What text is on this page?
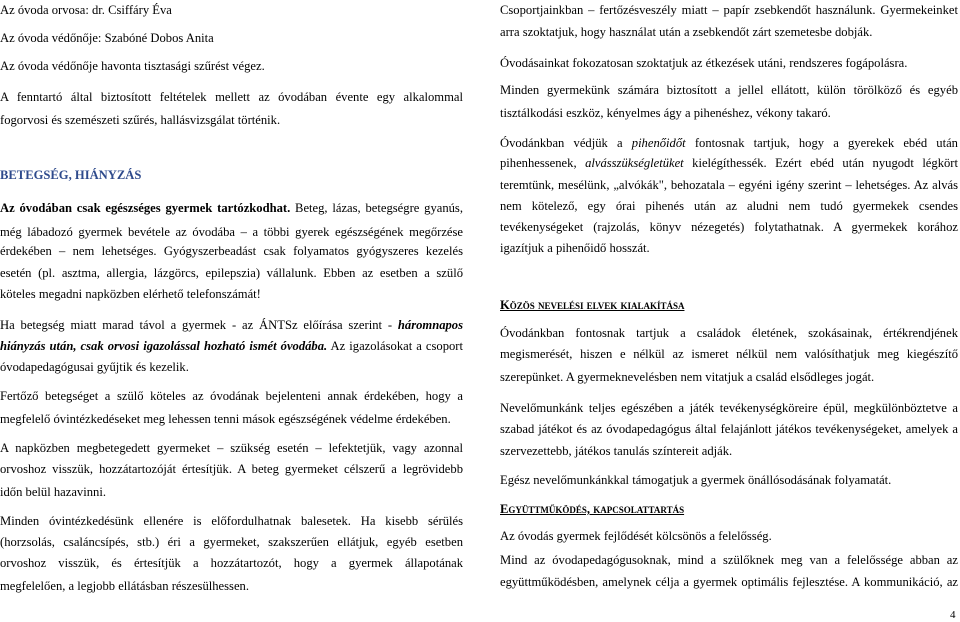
Az óvoda orvosa: dr. Csiffáry Éva
Az óvoda védőnője: Szabóné Dobos Anita
Az óvoda védőnője havonta tisztasági szűrést végez.
A fenntartó által biztosított feltételek mellett az óvodában évente egy alkalommal
fogorvosi és szemészeti szűrés, hallásvizsgálat történik.
BETEGSÉG, HIÁNYZÁS
Az óvodában csak egészséges gyermek tartózkodhat. Beteg, lázas, betegségre gyanús,
még lábadozó gyermek bevétele az óvodába – a többi gyerek egészségének megőrzése
érdekében – nem lehetséges. Gyógyszerbeadást csak folyamatos gyógyszeres kezelés
esetén (pl. asztma, allergia, lázgörcs, epilepszia) vállalunk. Ebben az esetben a szülő
köteles megadni napközben elérhető telefonszámát!
Ha betegség miatt marad távol a gyermek - az ÁNTSz előírása szerint - háromnapos
hiányzás után, csak orvosi igazolással hozható ismét óvodába. Az igazolásokat a csoport
óvodapedagógusai gyűjtik és kezelik.
Fertőző betegséget a szülő köteles az óvodának bejelenteni annak érdekében, hogy a
megfelelő óvintézkedéseket meg lehessen tenni mások egészségének védelme érdekében.
A napközben megbetegedett gyermeket – szükség esetén – lefektetjük, vagy azonnal
orvoshoz visszük, hozzátartozóját értesítjük. A beteg gyermeket célszerű a legrövidebb
időn belül hazavinni.
Minden óvintézkedésünk ellenére is előfordulhatnak balesetek. Ha kisebb sérülés
(horzsolás, csaláncsípés, stb.) éri a gyermeket, szakszerűen ellátjuk, egyéb esetben
orvoshoz visszük, és értesítjük a hozzátartozót, hogy a gyermek állapotának
megfelelően, a legjobb ellátásban részesülhessen.
Csoportjainkban – fertőzésveszély miatt – papír zsebkendőt használunk. Gyermekeinket
arra szoktatjuk, hogy használat után a zsebkendőt zárt szemetesbe dobják.
Óvodásainkat fokozatosan szoktatjuk az étkezések utáni, rendszeres fogápolásra.
Minden gyermekünk számára biztosított a jellel ellátott, külön törölköző és egyéb
tisztálkodási eszköz, kényelmes ágy a pihenéshez, vékony takaró.
Óvodánkban védjük a pihenőidőt fontosnak tartjuk, hogy a gyerekek ebéd után
pihenhessenek, alvásszükségletüket kielégíthessék. Ezért ebéd után nyugodt légkört
teremtünk, mesélünk, „alvókák", behozatala – egyéni igény szerint – lehetséges. Az alvás
nem kötelező, egy órai pihenés után az aludni nem tudó gyermekek csendes
tevékenységeket (rajzolás, könyv nézegetés) folytathatnak. A gyermekek korához
igazítjuk a pihenőidő hosszát.
Közös nevelési elvek kialakítása
Óvodánkban fontosnak tartjuk a családok életének, szokásainak, értékrendjének
megismerését, hiszen e nélkül az ismeret nélkül nem valósíthatjuk meg kiegészítő
szerepünket. A gyermeknevelésben nem vitatjuk a család elsődleges jogát.
Nevelőmunkánk teljes egészében a játék tevékenységköreire épül, megkülönböztetve a
szabad játékot és az óvodapedagógus által felajánlott játékos tevékenységeket, amelyek a
szervezettebb, játékos tanulás színtereit adják.
Egész nevelőmunkánkkal támogatjuk a gyermek önállósodásának folyamatát.
Együttműködés, kapcsolattartás
Az óvodás gyermek fejlődését kölcsönös a felelősség.
Mind az óvodapedagógusoknak, mind a szülőknek meg van a felelőssége abban az
együttműködésben, amelynek célja a gyermek optimális fejlesztése. A kommunikáció, az
4
